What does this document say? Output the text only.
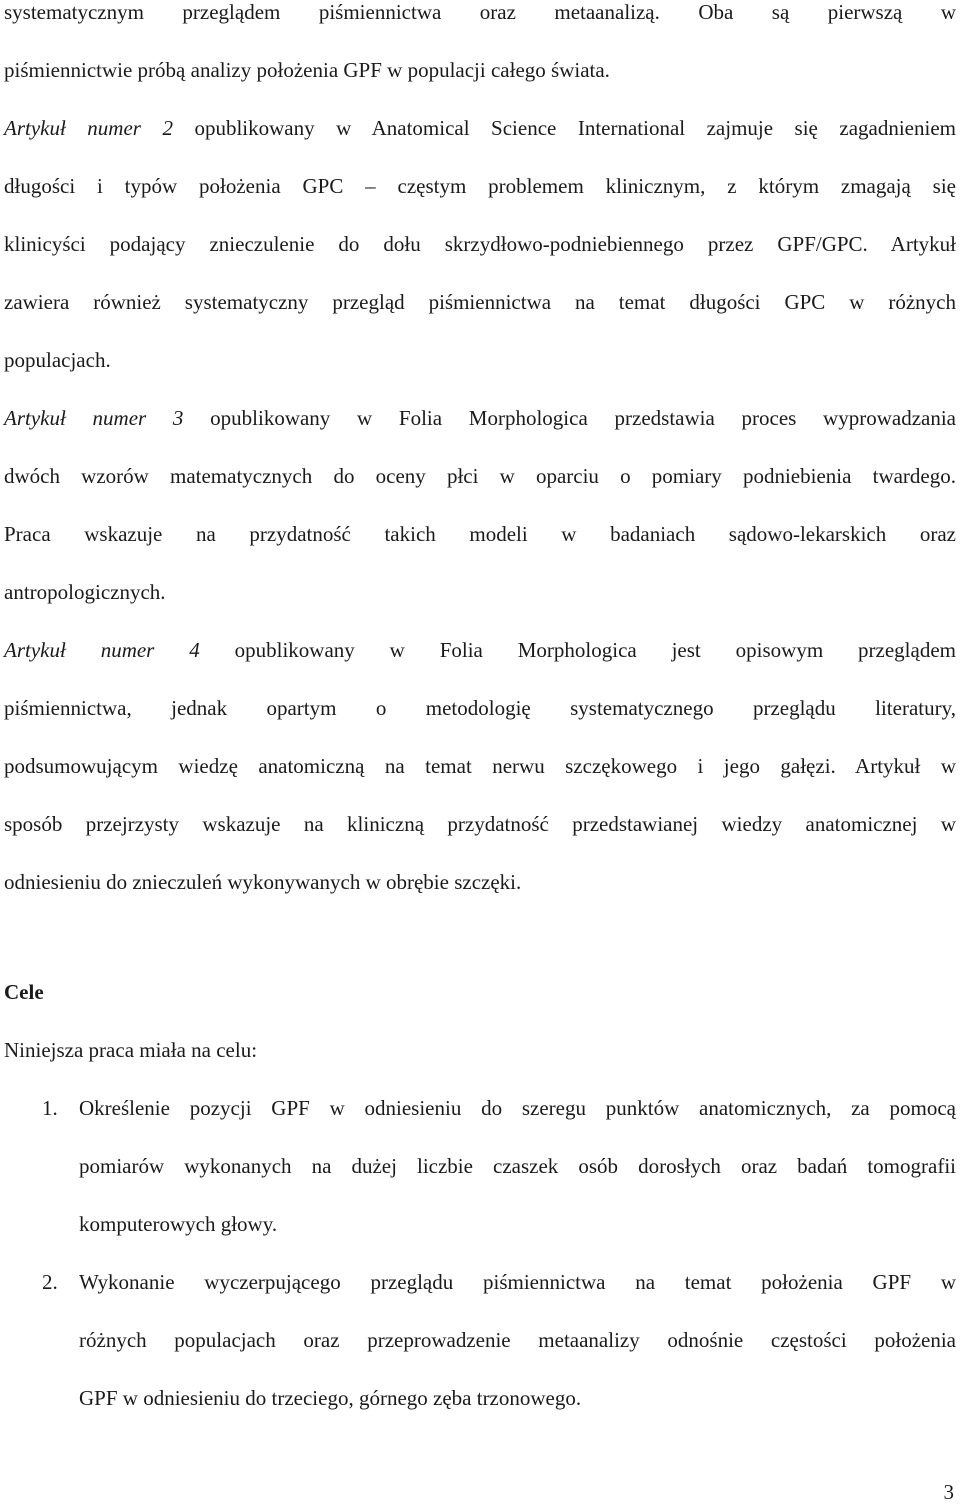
systematycznym przeglądem piśmiennictwa oraz metaanalizą. Oba są pierwszą w
piśmiennictwie próbą analizy położenia GPF w populacji całego świata.
Artykuł numer 2 opublikowany w Anatomical Science International zajmuje się zagadnieniem
długości i typów położenia GPC – częstym problemem klinicznym, z którym zmagają się
klinicyści podający znieczulenie do dołu skrzydłowo-podniebiennego przez GPF/GPC. Artykuł
zawiera również systematyczny przegląd piśmiennictwa na temat długości GPC w różnych
populacjach.
Artykuł numer 3 opublikowany w Folia Morphologica przedstawia proces wyprowadzania
dwóch wzorów matematycznych do oceny płci w oparciu o pomiary podniebienia twardego.
Praca wskazuje na przydatność takich modeli w badaniach sądowo-lekarskich oraz
antropologicznych.
Artykuł numer 4 opublikowany w Folia Morphologica jest opisowym przeglądem
piśmiennictwa, jednak opartym o metodologię systematycznego przeglądu literatury,
podsumowującym wiedzę anatomiczną na temat nerwu szczękowego i jego gałęzi. Artykuł w
sposób przejrzysty wskazuje na kliniczną przydatność przedstawianej wiedzy anatomicznej w
odniesieniu do znieczuleń wykonywanych w obrębie szczęki.
Cele
Niniejsza praca miała na celu:
1. Określenie pozycji GPF w odniesieniu do szeregu punktów anatomicznych, za pomocą
pomiarów wykonanych na dużej liczbie czaszek osób dorosłych oraz badań tomografii
komputerowych głowy.
2. Wykonanie wyczerpującego przeglądu piśmiennictwa na temat położenia GPF w
różnych populacjach oraz przeprowadzenie metaanalizy odnośnie częstości położenia
GPF w odniesieniu do trzeciego, górnego zęba trzonowego.
3
